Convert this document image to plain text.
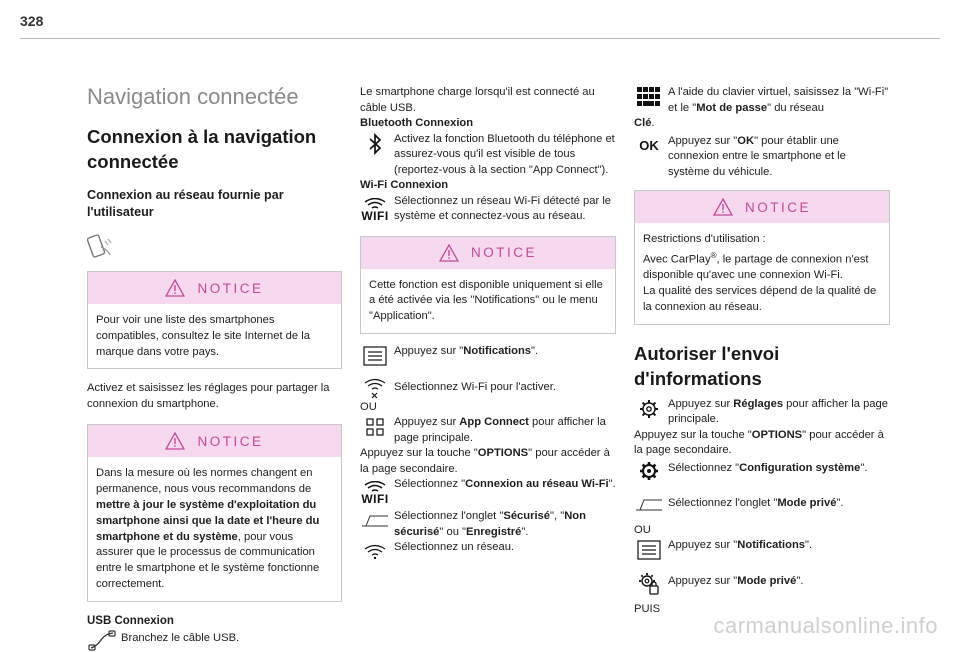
328
Navigation connectée
Connexion à la navigation connectée
Connexion au réseau fournie par l'utilisateur
NOTICE
Pour voir une liste des smartphones compatibles, consultez le site Internet de la marque dans votre pays.

Activez et saisissez les réglages pour partager la connexion du smartphone.

NOTICE
Dans la mesure où les normes changent en permanence, nous vous recommandons de mettre à jour le système d'exploitation du smartphone ainsi que la date et l'heure du smartphone et du système, pour vous assurer que le processus de communication entre le smartphone et le système fonctionne correctement.
USB Connexion

Branchez le câble USB.

Le smartphone charge lorsqu'il est connecté au câble USB.

Bluetooth Connexion

Activez la fonction Bluetooth du téléphone et assurez-vous qu'il est visible de tous (reportez-vous à la section "App Connect").

Wi-Fi Connexion
WIFI

Sélectionnez un réseau Wi-Fi détecté par le système et connectez-vous au réseau.

NOTICE
Cette fonction est disponible uniquement si elle a été activée via les "Notifications" ou le menu "Application".

Appuyez sur "Notifications".

Sélectionnez Wi-Fi pour l'activer.

OU

Appuyez sur App Connect pour afficher la page principale.

Appuyez sur la touche "OPTIONS" pour accéder à la page secondaire.

WIFI

Sélectionnez "Connexion au réseau Wi-Fi".

Sélectionnez l'onglet "Sécurisé", "Non sécurisé" ou "Enregistré".

Sélectionnez un réseau.

A l'aide du clavier virtuel, saisissez la "Wi-Fi" et le "Mot de passe" du réseau

Clé.

OK Appuyez sur "OK" pour établir une connexion entre le smartphone et le système du véhicule.

NOTICE
Restrictions d'utilisation :
Avec CarPlay®, le partage de connexion n'est disponible qu'avec une connexion Wi-Fi.
La qualité des services dépend de la qualité de la connexion au réseau.
Autoriser l'envoi d'informations

Appuyez sur Réglages pour afficher la page principale.

Appuyez sur la touche "OPTIONS" pour accéder à la page secondaire.

Sélectionnez "Configuration système".

Sélectionnez l'onglet "Mode privé".

OU

Appuyez sur "Notifications".

Appuyez sur "Mode privé".

PUIS
carmanualsonline.info
